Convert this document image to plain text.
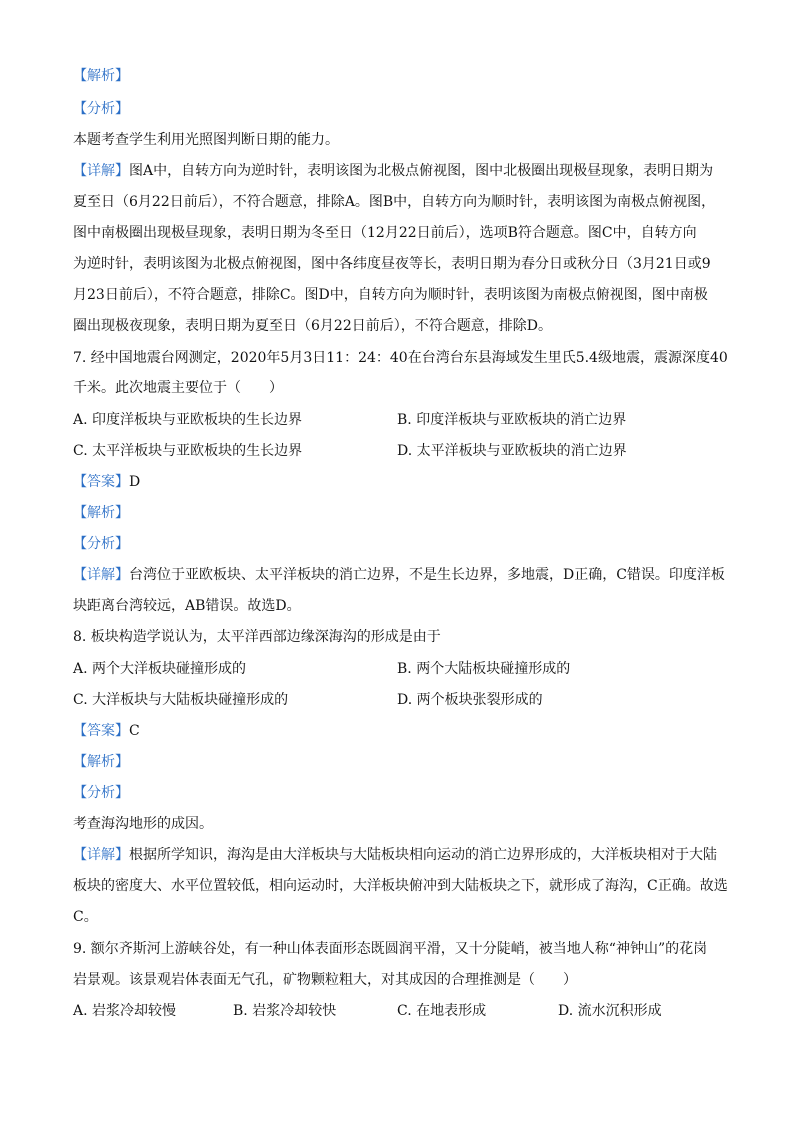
【解析】
【分析】
本题考查学生利用光照图判断日期的能力。
【详解】图A中，自转方向为逆时针，表明该图为北极点俯视图，图中北极圈出现极昼现象，表明日期为
夏至日（6月22日前后），不符合题意，排除A。图B中，自转方向为顺时针，表明该图为南极点俯视图，
图中南极圈出现极昼现象，表明日期为冬至日（12月22日前后），选项B符合题意。图C中，自转方向
为逆时针，表明该图为北极点俯视图，图中各纬度昼夜等长，表明日期为春分日或秋分日（3月21日或9
月23日前后），不符合题意，排除C。图D中，自转方向为顺时针，表明该图为南极点俯视图，图中南极
圈出现极夜现象，表明日期为夏至日（6月22日前后），不符合题意，排除D。
7. 经中国地震台网测定，2020年5月3日11：24：40在台湾台东县海域发生里氏5.4级地震，震源深度40
千米。此次地震主要位于（　　）
A. 印度洋板块与亚欧板块的生长边界	B. 印度洋板块与亚欧板块的消亡边界
C. 太平洋板块与亚欧板块的生长边界	D. 太平洋板块与亚欧板块的消亡边界
【答案】D
【解析】
【分析】
【详解】台湾位于亚欧板块、太平洋板块的消亡边界，不是生长边界，多地震，D正确，C错误。印度洋板
块距离台湾较远，AB错误。故选D。
8. 板块构造学说认为，太平洋西部边缘深海沟的形成是由于
A. 两个大洋板块碰撞形成的	B. 两个大陆板块碰撞形成的
C. 大洋板块与大陆板块碰撞形成的	D. 两个板块张裂形成的
【答案】C
【解析】
【分析】
考查海沟地形的成因。
【详解】根据所学知识，海沟是由大洋板块与大陆板块相向运动的消亡边界形成的，大洋板块相对于大陆
板块的密度大、水平位置较低，相向运动时，大洋板块俯冲到大陆板块之下，就形成了海沟，C正确。故选
C。
9. 额尔齐斯河上游峡谷处，有一种山体表面形态既圆润平滑，又十分陡峭，被当地人称“神钟山”的花岗
岩景观。该景观岩体表面无气孔，矿物颗粒粗大，对其成因的合理推测是（　　）
A. 岩浆冷却较慢	B. 岩浆冷却较快	C. 在地表形成	D. 流水沉积形成
